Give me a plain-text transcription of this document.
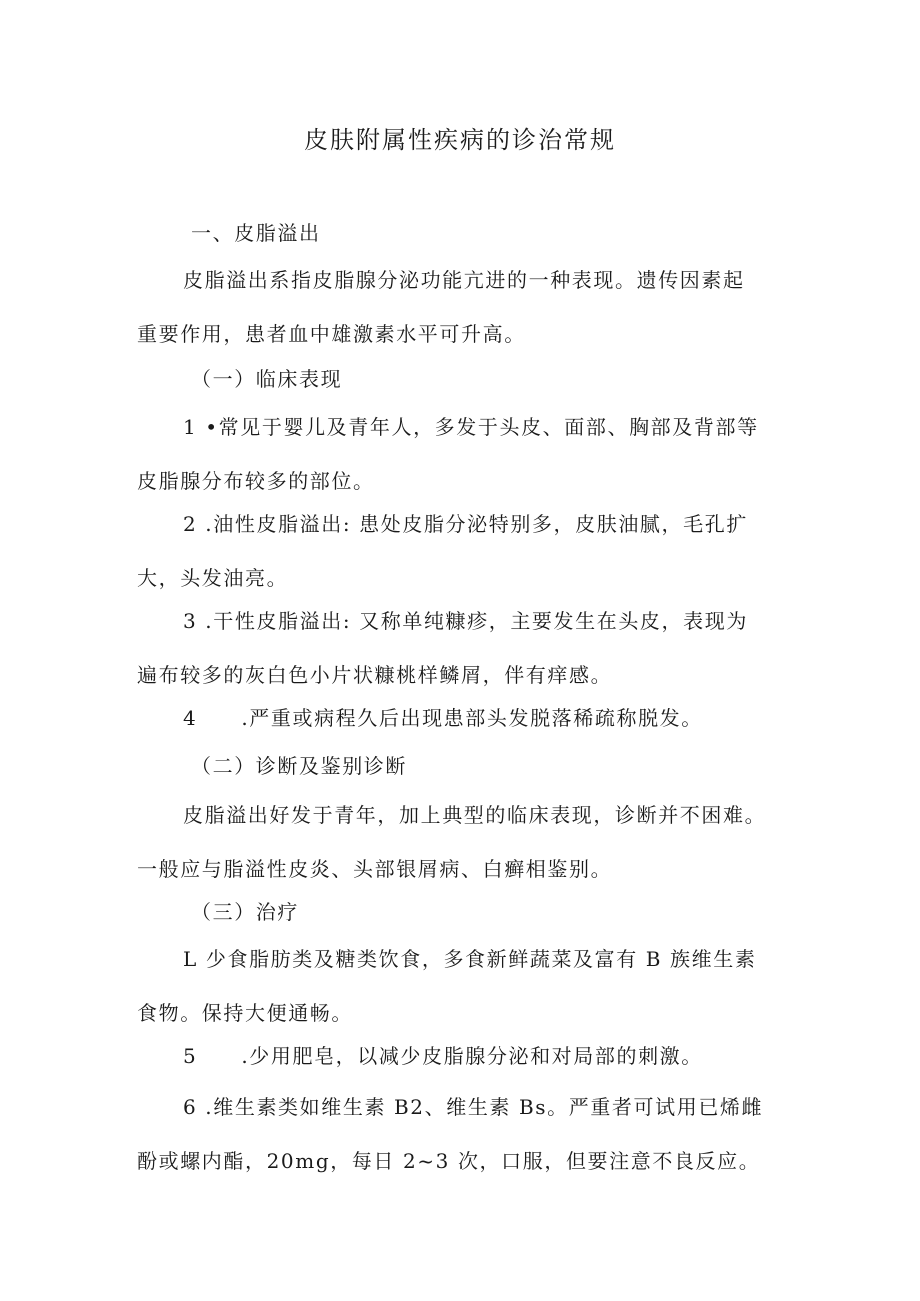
皮肤附属性疾病的诊治常规
一、皮脂溢出
皮脂溢出系指皮脂腺分泌功能亢进的一种表现。遗传因素起
重要作用，患者血中雄激素水平可升高。
（一）临床表现
1 •常见于婴儿及青年人，多发于头皮、面部、胸部及背部等
皮脂腺分布较多的部位。
2 .油性皮脂溢出: 患处皮脂分泌特别多，皮肤油腻，毛孔扩
大，头发油亮。
3 .干性皮脂溢出: 又称单纯糠疹，主要发生在头皮，表现为
遍布较多的灰白色小片状糠桃样鳞屑，伴有痒感。
4 .严重或病程久后出现患部头发脱落稀疏称脱发。
（二）诊断及鉴别诊断
皮脂溢出好发于青年，加上典型的临床表现，诊断并不困难。
一般应与脂溢性皮炎、头部银屑病、白癣相鉴别。
（三）治疗
L 少食脂肪类及糖类饮食，多食新鲜蔬菜及富有 B 族维生素
食物。保持大便通畅。
5 .少用肥皂，以减少皮脂腺分泌和对局部的刺激。
6 .维生素类如维生素 B2、维生素 Bs。严重者可试用已烯雌
酚或螺内酯，20mg，每日 2~3 次，口服，但要注意不良反应。
